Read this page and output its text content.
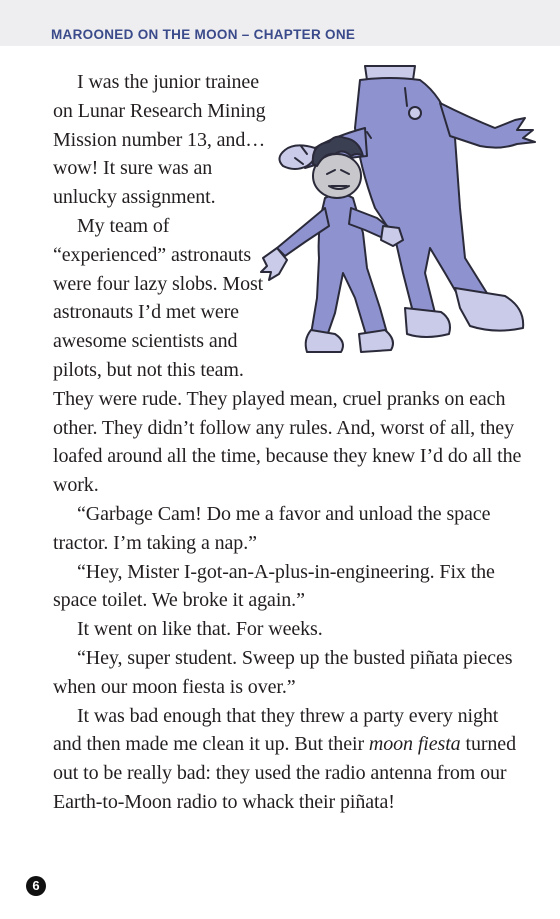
MAROONED ON THE MOON – CHAPTER ONE

I was the junior trainee on Lunar Research Mining Mission number 13, and… wow! It sure was an unlucky assignment.

My team of “experienced” astronauts were four lazy slobs. Most astronauts I’d met were awesome scientists and pilots, but not this team. They were rude. They played mean, cruel pranks on each other. They didn’t follow any rules. And, worst of all, they loafed around all the time, because they knew I’d do all the work.

“Garbage Cam! Do me a favor and unload the space tractor. I’m taking a nap.”

“Hey, Mister I-got-an-A-plus-in-engineering. Fix the space toilet. We broke it again.”

It went on like that. For weeks.

“Hey, super student. Sweep up the busted piñata pieces when our moon fiesta is over.”

It was bad enough that they threw a party every night and then made me clean it up. But their moon fiesta turned out to be really bad: they used the radio antenna from our Earth-to-Moon radio to whack their piñata!

6
